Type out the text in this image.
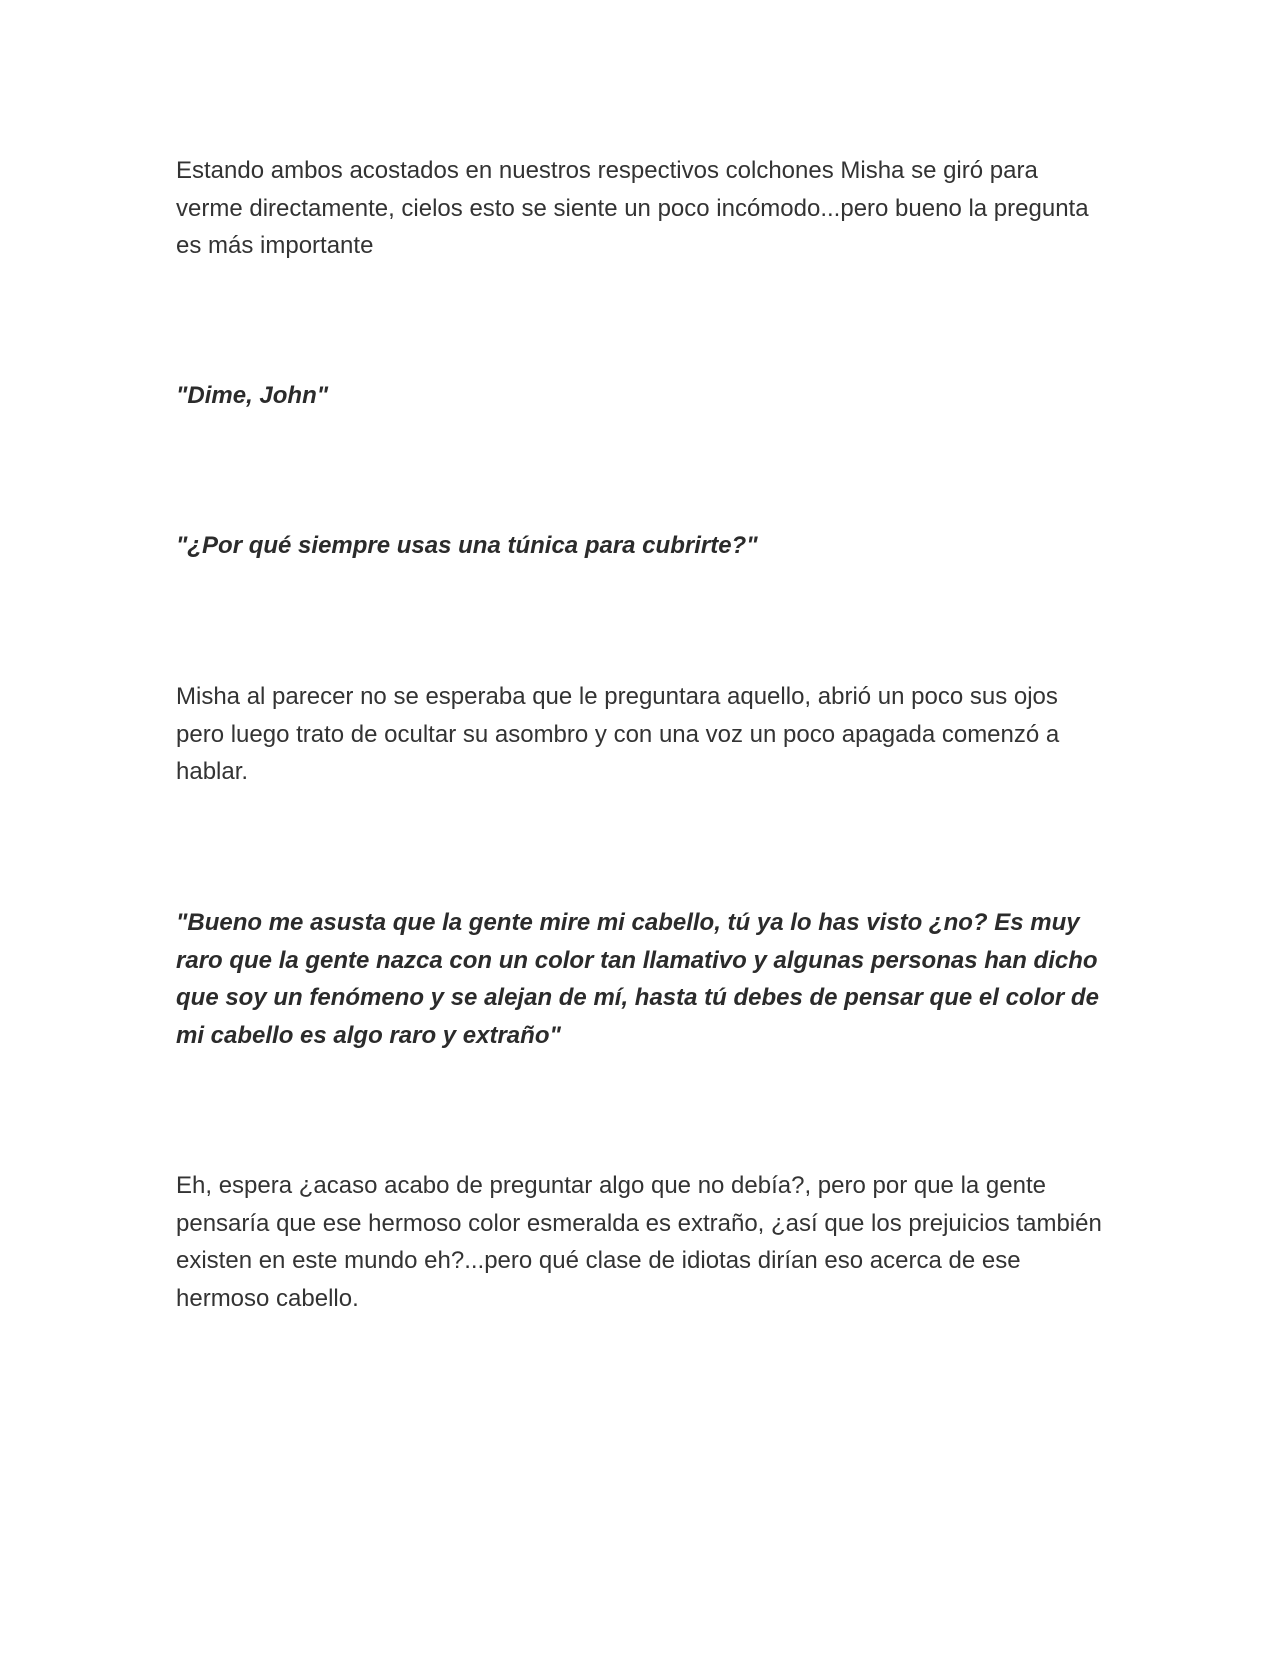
Estando ambos acostados en nuestros respectivos colchones Misha se giró para verme directamente, cielos esto se siente un poco incómodo...pero bueno la pregunta es más importante

"Dime, John"

"¿Por qué siempre usas una túnica para cubrirte?"

Misha al parecer no se esperaba que le preguntara aquello, abrió un poco sus ojos pero luego trato de ocultar su asombro y con una voz un poco apagada comenzó a hablar.

"Bueno me asusta que la gente mire mi cabello, tú ya lo has visto ¿no? Es muy raro que la gente nazca con un color tan llamativo y algunas personas han dicho que soy un fenómeno y se alejan de mí, hasta tú debes de pensar que el color de mi cabello es algo raro y extraño"

Eh, espera ¿acaso acabo de preguntar algo que no debía?, pero por que la gente pensaría que ese hermoso color esmeralda es extraño, ¿así que los prejuicios también existen en este mundo eh?...pero qué clase de idiotas dirían eso acerca de ese hermoso cabello.
